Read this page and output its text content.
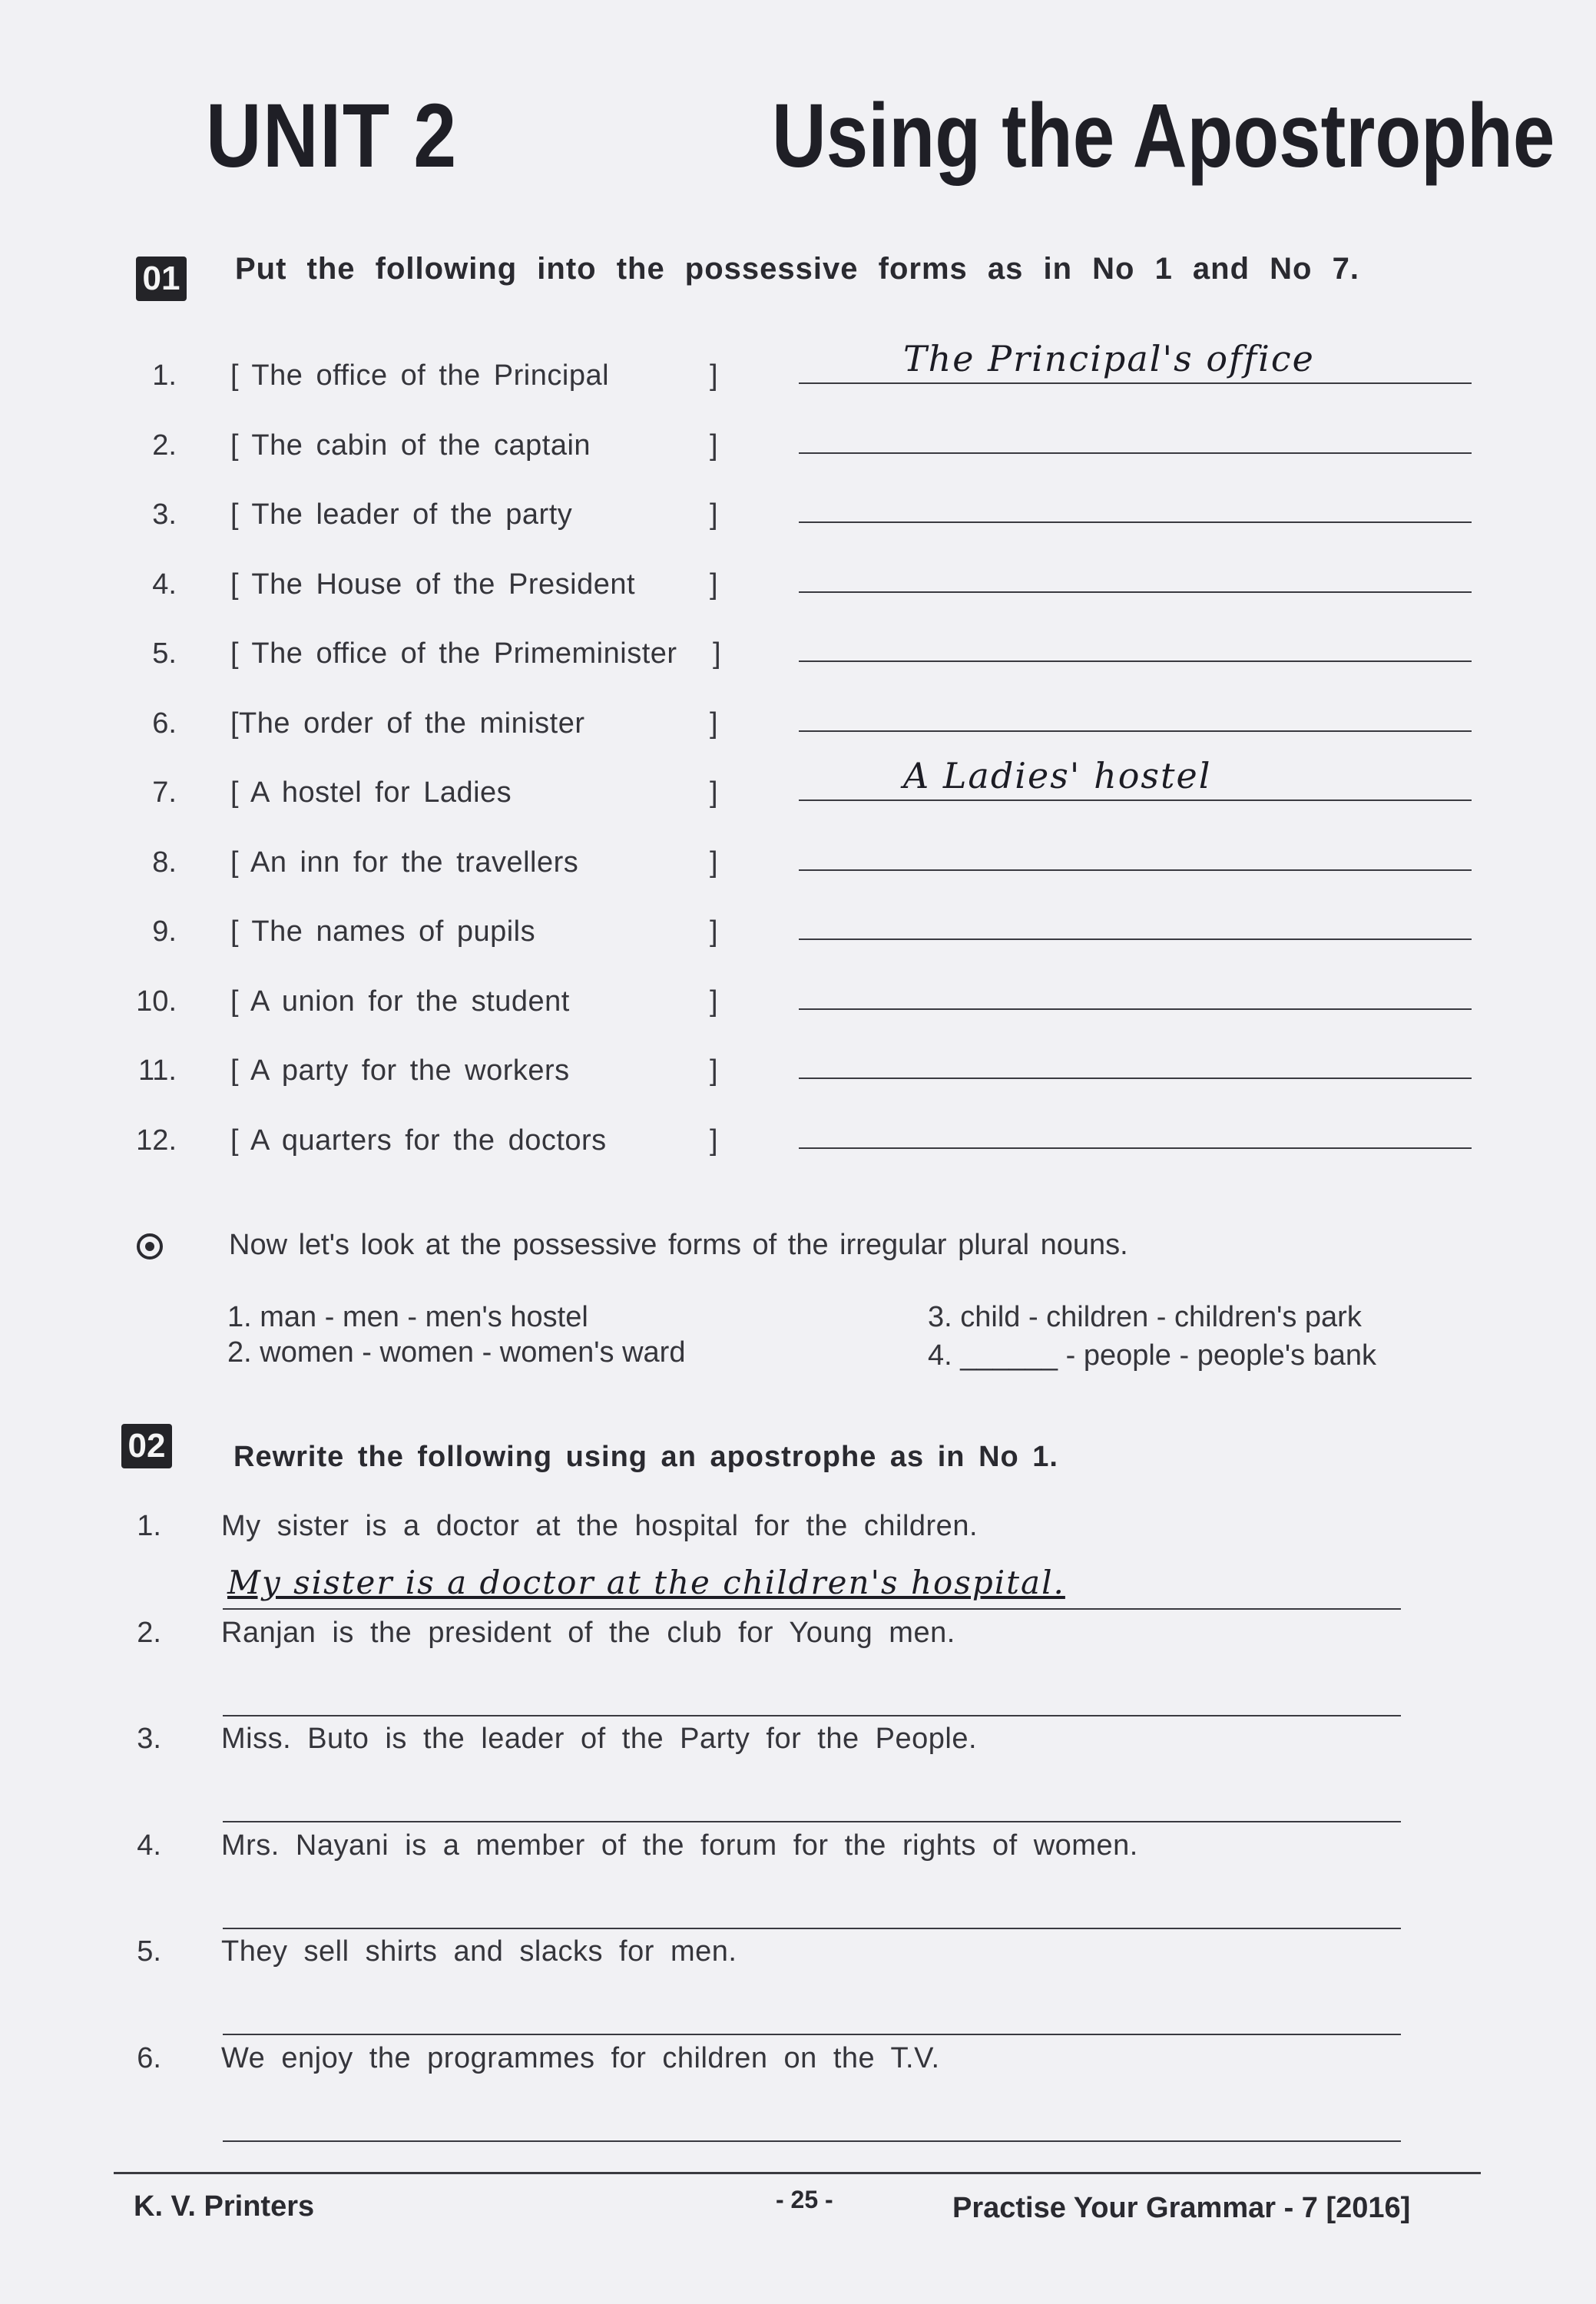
UNIT 2	Using the Apostrophe
01 Put the following into the possessive forms as in No 1 and No 7.
1. [ The office of the Principal	]	The Principal's office
2. [ The cabin of the captain	]
3. [ The leader of the party	]
4. [ The House of the President	]
5. [ The office of the Primeminister ]
6. [The order of the minister	]
7. [ A hostel for Ladies	]	A Ladies' hostel
8. [ An inn for the travellers	]
9. [ The names of pupils	]
10. [ A union for the student	]
11. [ A party for the workers	]
12. [ A quarters for the doctors	]
Now let's look at the possessive forms of the irregular plural nouns.
1. man - men - men's hostel
2. women - women - women's ward
3. child - children - children's park
4. ______ - people - people's bank
02 Rewrite the following using an apostrophe as in No 1.
1. My sister is a doctor at the hospital for the children.
My sister is a doctor at the children's hospital.
2. Ranjan is the president of the club for Young men.
3. Miss. Buto is the leader of the Party for the People.
4. Mrs. Nayani is a member of the forum for the rights of women.
5. They sell shirts and slacks for men.
6. We enjoy the programmes for children on the T.V.
K. V. Printers	- 25 -	Practise Your Grammar - 7 [2016]
